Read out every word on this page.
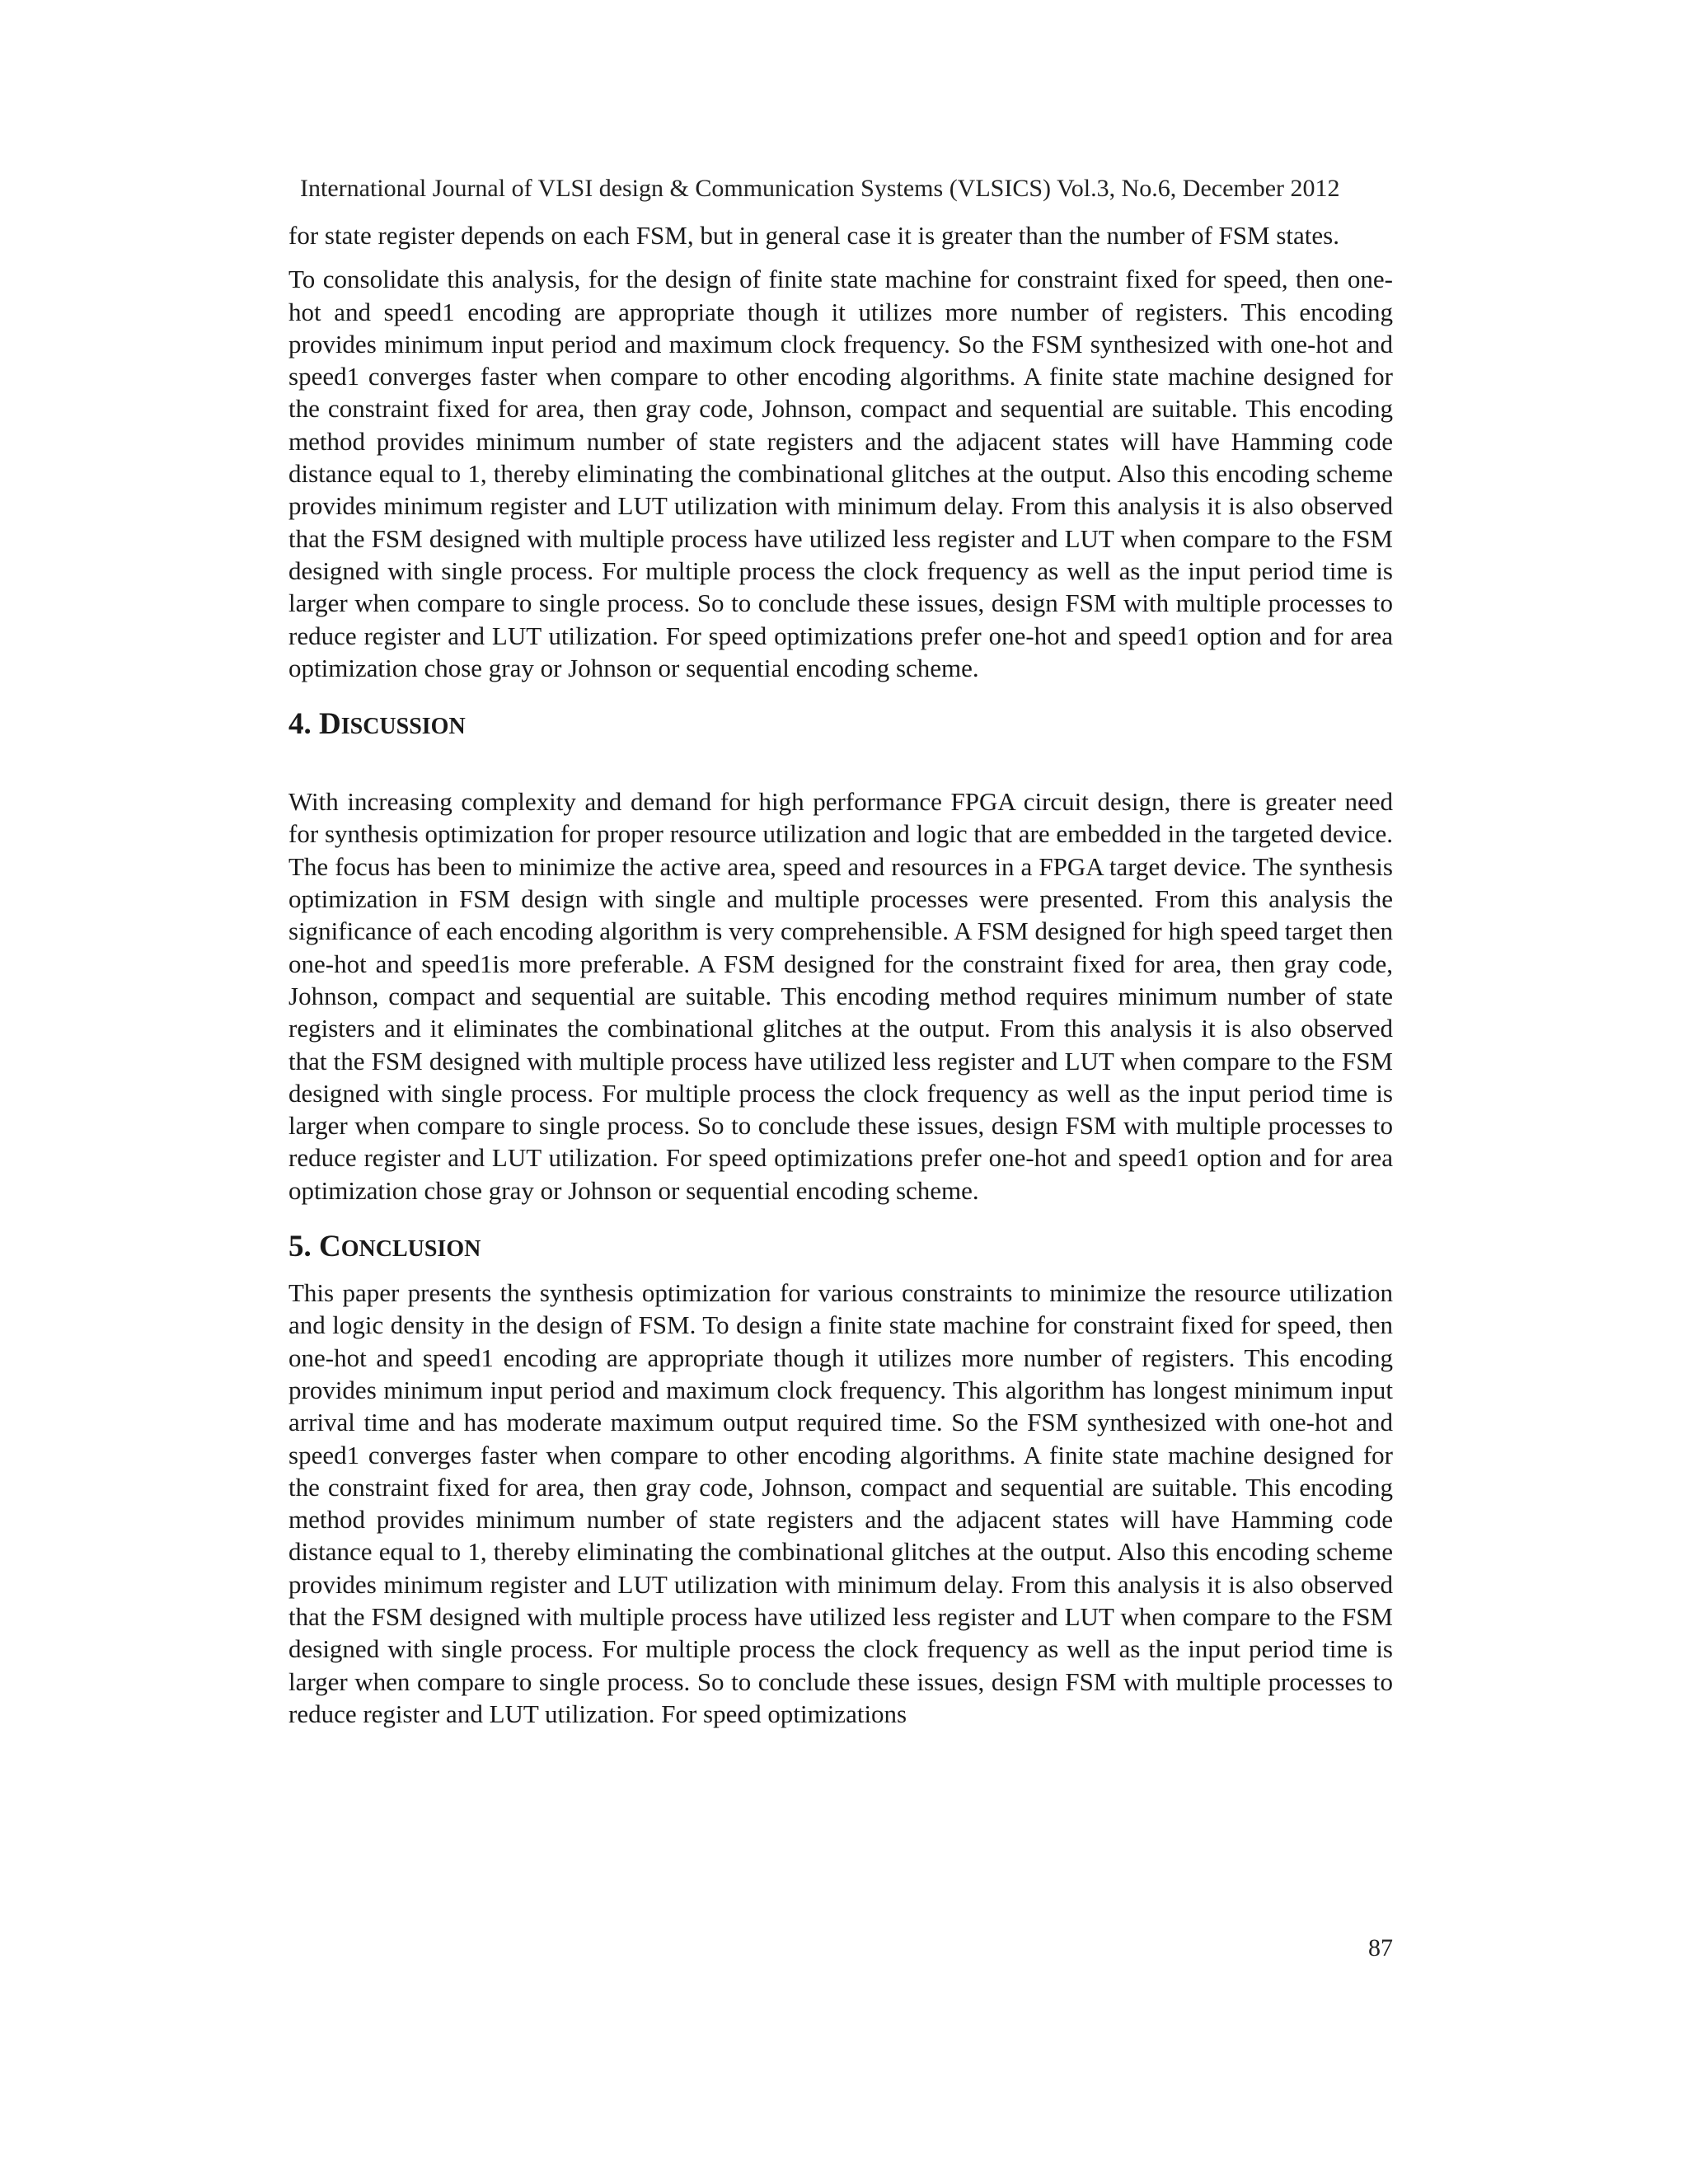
International Journal of VLSI design & Communication Systems (VLSICS) Vol.3, No.6, December 2012

for state register depends on each FSM, but in general case it is greater than the number of FSM states.

To consolidate this analysis, for the design of finite state machine for constraint fixed for speed, then one-hot and speed1 encoding are appropriate though it utilizes more number of registers. This encoding provides minimum input period and maximum clock frequency. So the FSM synthesized with one-hot and speed1 converges faster when compare to other encoding algorithms. A finite state machine designed for the constraint fixed for area, then gray code, Johnson, compact and sequential are suitable. This encoding method provides minimum number of state registers and the adjacent states will have Hamming code distance equal to 1, thereby eliminating the combinational glitches at the output. Also this encoding scheme provides minimum register and LUT utilization with minimum delay. From this analysis it is also observed that the FSM designed with multiple process have utilized less register and LUT when compare to the FSM designed with single process. For multiple process the clock frequency as well as the input period time is larger when compare to single process. So to conclude these issues, design FSM with multiple processes to reduce register and LUT utilization. For speed optimizations prefer one-hot and speed1 option and for area optimization chose gray or Johnson or sequential encoding scheme.

4. DISCUSSION

With increasing complexity and demand for high performance FPGA circuit design, there is greater need for synthesis optimization for proper resource utilization and logic that are embedded in the targeted device. The focus has been to minimize the active area, speed and resources in a FPGA target device. The synthesis optimization in FSM design with single and multiple processes were presented. From this analysis the significance of each encoding algorithm is very comprehensible. A FSM designed for high speed target then one-hot and speed1is more preferable. A FSM designed for the constraint fixed for area, then gray code, Johnson, compact and sequential are suitable. This encoding method requires minimum number of state registers and it eliminates the combinational glitches at the output. From this analysis it is also observed that the FSM designed with multiple process have utilized less register and LUT when compare to the FSM designed with single process. For multiple process the clock frequency as well as the input period time is larger when compare to single process. So to conclude these issues, design FSM with multiple processes to reduce register and LUT utilization. For speed optimizations prefer one-hot and speed1 option and for area optimization chose gray or Johnson or sequential encoding scheme.

5. CONCLUSION

This paper presents the synthesis optimization for various constraints to minimize the resource utilization and logic density in the design of FSM. To design a finite state machine for constraint fixed for speed, then one-hot and speed1 encoding are appropriate though it utilizes more number of registers. This encoding provides minimum input period and maximum clock frequency. This algorithm has longest minimum input arrival time and has moderate maximum output required time. So the FSM synthesized with one-hot and speed1 converges faster when compare to other encoding algorithms. A finite state machine designed for the constraint fixed for area, then gray code, Johnson, compact and sequential are suitable. This encoding method provides minimum number of state registers and the adjacent states will have Hamming code distance equal to 1, thereby eliminating the combinational glitches at the output. Also this encoding scheme provides minimum register and LUT utilization with minimum delay. From this analysis it is also observed that the FSM designed with multiple process have utilized less register and LUT when compare to the FSM designed with single process. For multiple process the clock frequency as well as the input period time is larger when compare to single process. So to conclude these issues, design FSM with multiple processes to reduce register and LUT utilization. For speed optimizations

87
